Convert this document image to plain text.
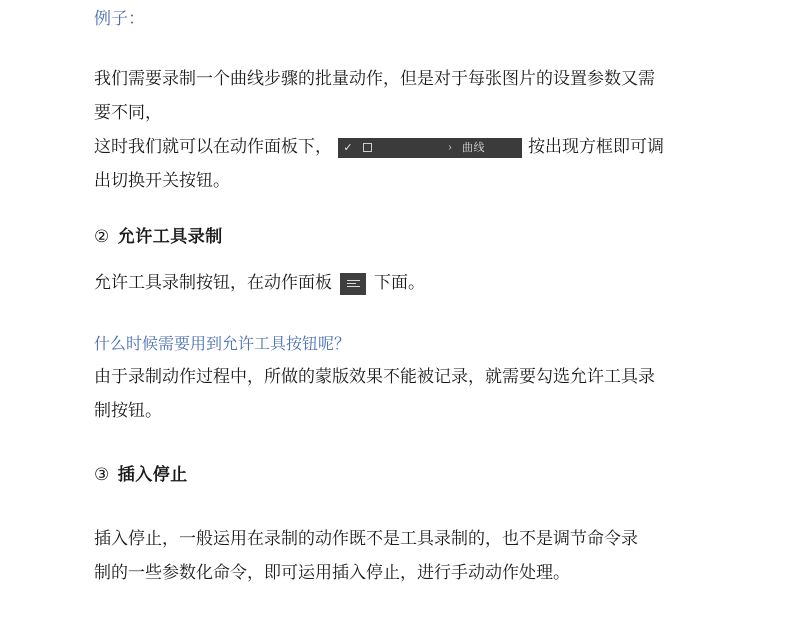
例子：

我们需要录制一个曲线步骤的批量动作，但是对于每张图片的设置参数又需

要不同，

这时我们就可以在动作面板下，	✓	› 曲线	按出现方框即可调

出切换开关按钮。

② 允许工具录制

允许工具录制按钮，在动作面板 下面。

什么时候需要用到允许工具按钮呢？

由于录制动作过程中，所做的蒙版效果不能被记录，就需要勾选允许工具录

制按钮。

③ 插入停止

插入停止，一般运用在录制的动作既不是工具录制的，也不是调节命令录

制的一些参数化命令，即可运用插入停止，进行手动动作处理。
